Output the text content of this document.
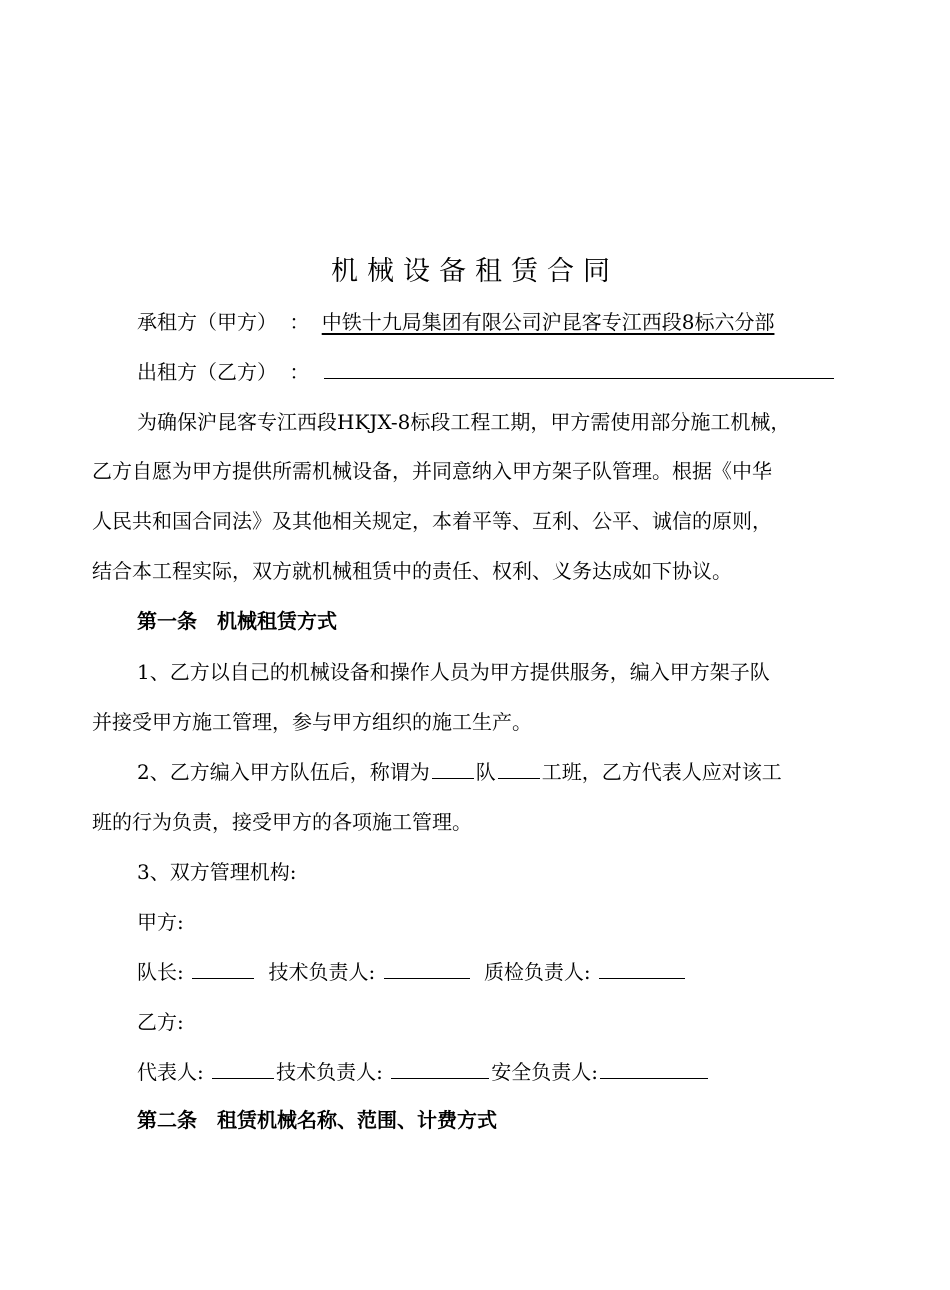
机械设备租赁合同
承租方（甲方） ： 中铁十九局集团有限公司沪昆客专江西段8标六分部
出租方（乙方） ：
为确保沪昆客专江西段HKJX-8标段工程工期，甲方需使用部分施工机械，
乙方自愿为甲方提供所需机械设备，并同意纳入甲方架子队管理。根据《中华
人民共和国合同法》及其他相关规定，本着平等、互利、公平、诚信的原则，
结合本工程实际，双方就机械租赁中的责任、权利、义务达成如下协议。
第一条　机械租赁方式
1、乙方以自己的机械设备和操作人员为甲方提供服务，编入甲方架子队
并接受甲方施工管理，参与甲方组织的施工生产。
2、乙方编入甲方队伍后，称谓为 队 工班，乙方代表人应对该工
班的行为负责，接受甲方的各项施工管理。
3、双方管理机构:
甲方:
队长:	技术负责人:	质检负责人:
乙方:
代表人:	技术负责人:	安全负责人:
第二条　租赁机械名称、范围、计费方式
